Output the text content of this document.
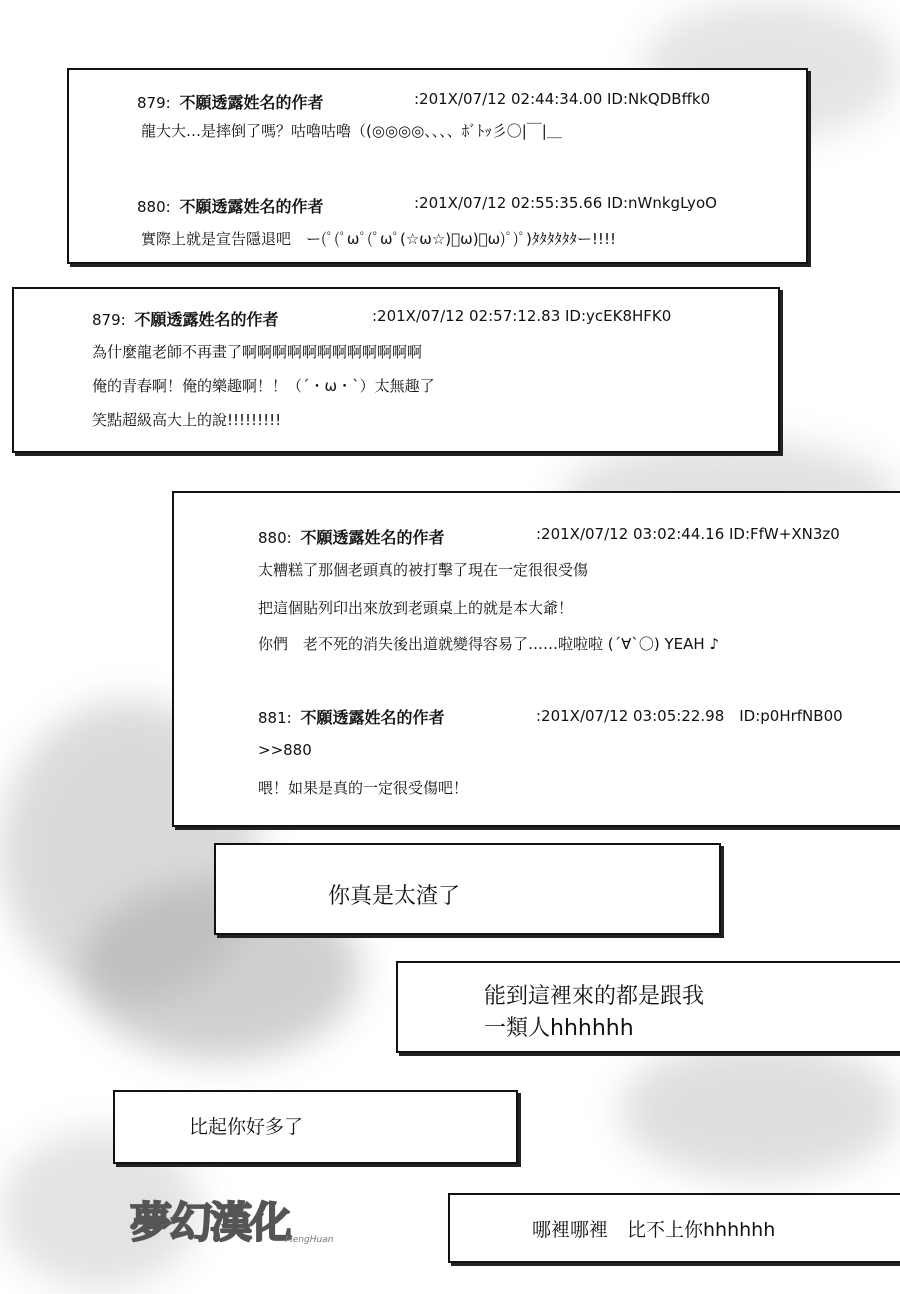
879: 不願透露姓名的作者	:201X/07/12 02:44:34.00 ID:NkQDBffk0
龍大大…是摔倒了嗎？咕嚕咕嚕（(◎◎◎◎、、、、ﾎﾞﾄｯ彡〇|￣|＿
880: 不願透露姓名的作者	:201X/07/12 02:55:35.66 ID:nWnkgLyoO
實際上就是宣告隱退吧　ー(ﾟ(ﾟωﾟ(ﾟωﾟ(☆ω☆)ﾟω)ﾟω)ﾟ)ﾟ)ﾀﾀﾀﾀﾀﾀー!!!!
879: 不願透露姓名的作者	:201X/07/12 02:57:12.83 ID:ycEK8HFK0
為什麼龍老師不再畫了啊啊啊啊啊啊啊啊啊啊啊啊
俺的青春啊！俺的樂趣啊！！（´・ω・`）太無趣了
笑點超級高大上的說!!!!!!!!!
880: 不願透露姓名的作者	:201X/07/12 03:02:44.16 ID:FfW+XN3z0
太糟糕了那個老頭真的被打擊了現在一定很很受傷
把這個貼列印出來放到老頭桌上的就是本大爺！
你們　老不死的消失後出道就變得容易了……啦啦啦 (´∀`〇) YEAH ♪
881: 不願透露姓名的作者	:201X/07/12 03:05:22.98　ID:p0HrfNB00
>>880
喂！如果是真的一定很受傷吧！
你真是太渣了
能到這裡來的都是跟我
一類人hhhhhh
比起你好多了
哪裡哪裡　比不上你hhhhhh
夢幻漢化
MengHuan
